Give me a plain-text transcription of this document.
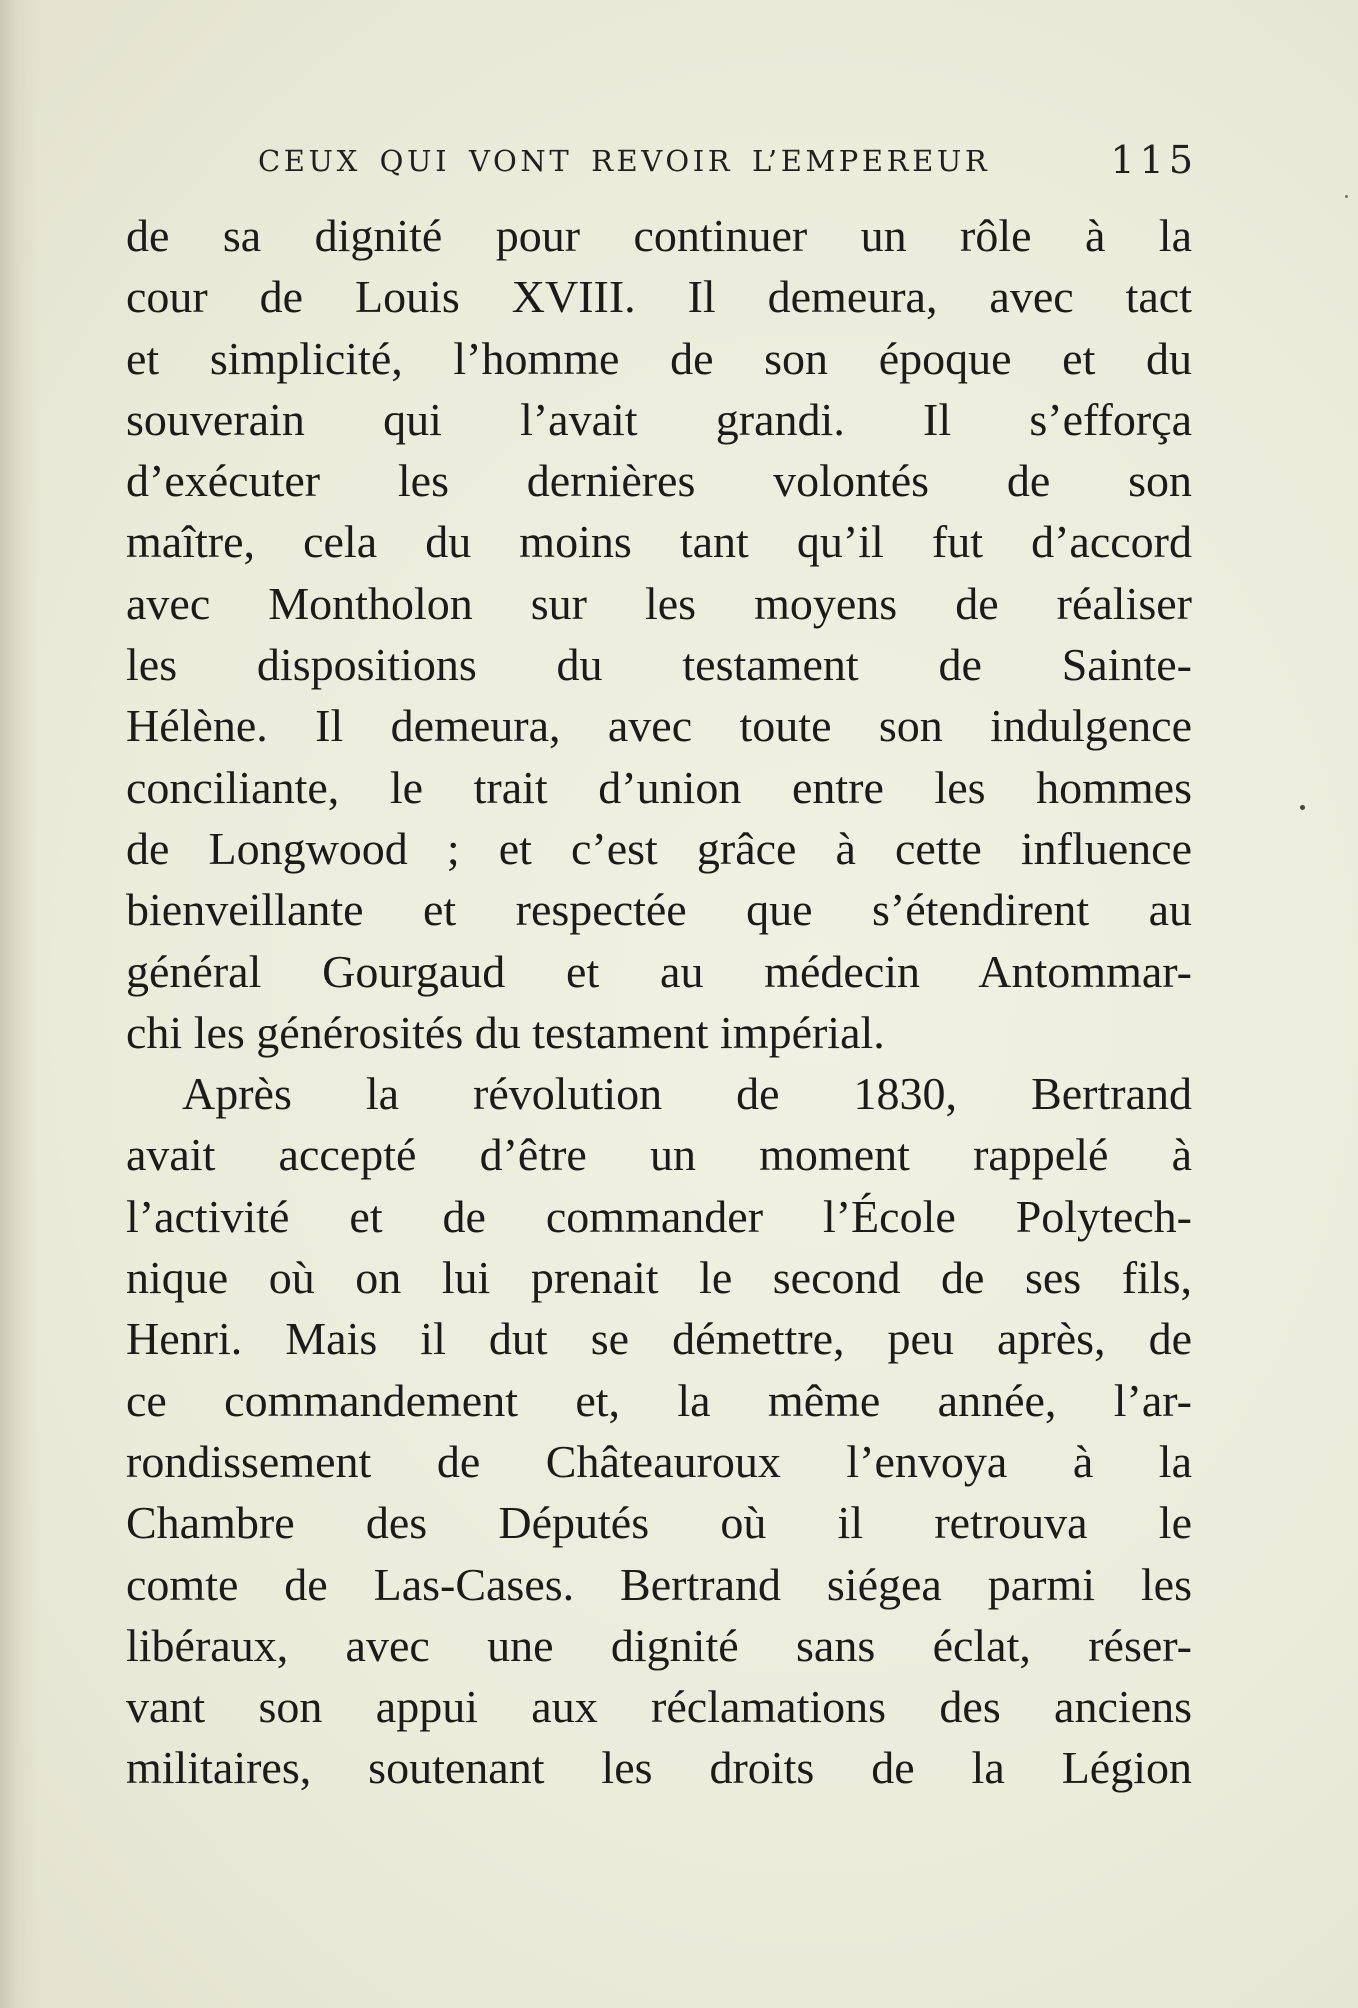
CEUX QUI VONT REVOIR L’EMPEREUR	115
de sa dignité pour continuer un rôle à la
cour de Louis XVIII. Il demeura, avec tact
et simplicité, l’homme de son époque et du
souverain qui l’avait grandi. Il s’efforça
d’exécuter les dernières volontés de son
maître, cela du moins tant qu’il fut d’accord
avec Montholon sur les moyens de réaliser
les dispositions du testament de Sainte-
Hélène. Il demeura, avec toute son indulgence
conciliante, le trait d’union entre les hommes
de Longwood ; et c’est grâce à cette influence
bienveillante et respectée que s’étendirent au
général Gourgaud et au médecin Antommar-
chi les générosités du testament impérial.
Après la révolution de 1830, Bertrand
avait accepté d’être un moment rappelé à
l’activité et de commander l’École Polytech-
nique où on lui prenait le second de ses fils,
Henri. Mais il dut se démettre, peu après, de
ce commandement et, la même année, l’ar-
rondissement de Châteauroux l’envoya à la
Chambre des Députés où il retrouva le
comte de Las-Cases. Bertrand siégea parmi les
libéraux, avec une dignité sans éclat, réser-
vant son appui aux réclamations des anciens
militaires, soutenant les droits de la Légion
